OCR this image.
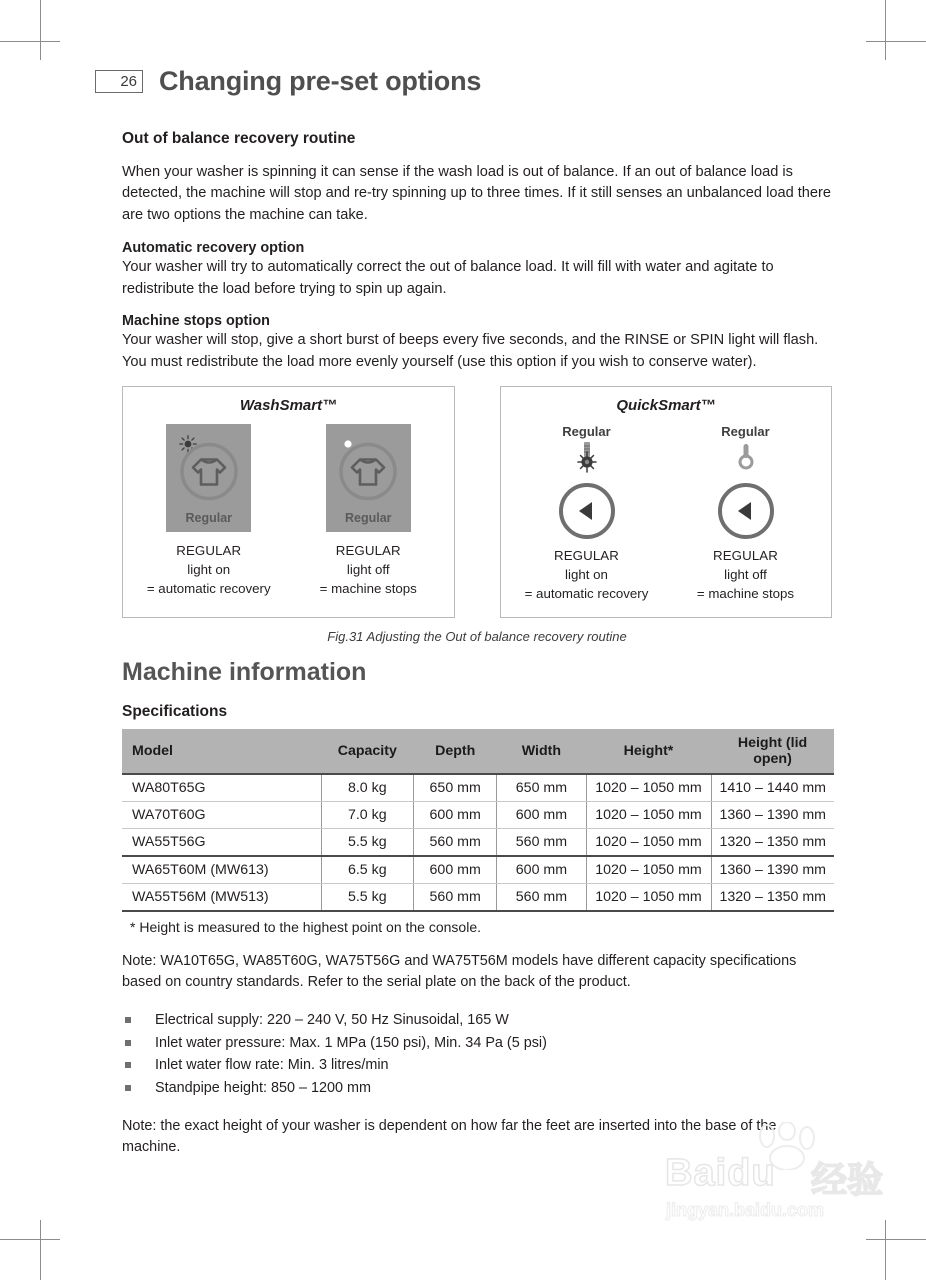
26 Changing pre-set options
Out of balance recovery routine

When your washer is spinning it can sense if the wash load is out of balance. If an out of balance load is detected, the machine will stop and re-try spinning up to three times. If it still senses an unbalanced load there are two options the machine can take.

Automatic recovery option

Your washer will try to automatically correct the out of balance load. It will fill with water and agitate to redistribute the load before trying to spin up again.

Machine stops option

Your washer will stop, give a short burst of beeps every five seconds, and the RINSE or SPIN light will flash. You must redistribute the load more evenly yourself (use this option if you wish to conserve water).

WashSmart™
Regular
REGULAR
light on
= automatic recovery
Regular
REGULAR
light off
= machine stops
QuickSmart™
Regular
REGULAR
light on
= automatic recovery
Regular
REGULAR
light off
= machine stops
Fig.31 Adjusting the Out of balance recovery routine
Machine information
Specifications
Model	Capacity	Depth	Width	Height*	Height (lid open)
WA80T65G	8.0 kg	650 mm	650 mm	1020 – 1050 mm	1410 – 1440 mm
WA70T60G	7.0 kg	600 mm	600 mm	1020 – 1050 mm	1360 – 1390 mm
WA55T56G	5.5 kg	560 mm	560 mm	1020 – 1050 mm	1320 – 1350 mm
WA65T60M (MW613)	6.5 kg	600 mm	600 mm	1020 – 1050 mm	1360 – 1390 mm
WA55T56M (MW513)	5.5 kg	560 mm	560 mm	1020 – 1050 mm	1320 – 1350 mm

* Height is measured to the highest point on the console.

Note: WA10T65G, WA85T60G, WA75T56G and WA75T56M models have different capacity specifications based on country standards. Refer to the serial plate on the back of the product.

Electrical supply: 220 – 240 V, 50 Hz Sinusoidal, 165 W
Inlet water pressure: Max. 1 MPa (150 psi), Min. 34 Pa (5 psi)
Inlet water flow rate: Min. 3 litres/min
Standpipe height: 850 – 1200 mm

Note: the exact height of your washer is dependent on how far the feet are inserted into the base of the machine.

Baidu 经验
jingyan.baidu.com
